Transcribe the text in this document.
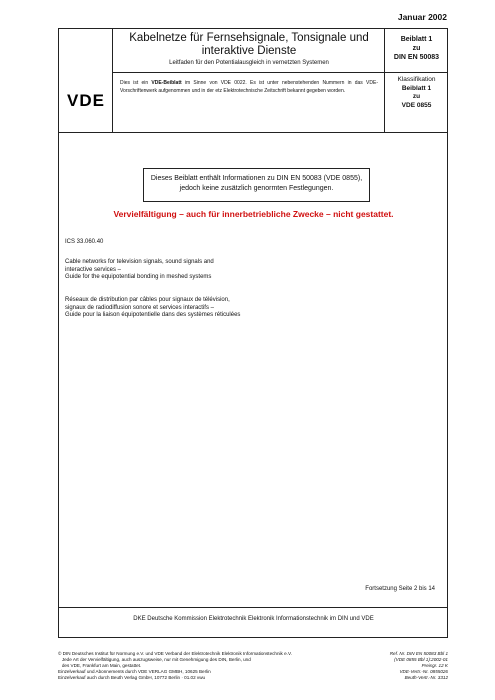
Januar 2002
VDE
Kabelnetze für Fernsehsignale, Tonsignale und
interaktive Dienste
Leitfaden für den Potentialausgleich in vernetzten Systemen
Dies ist ein VDE-Beiblatt im Sinne von VDE 0022. Es ist unter nebenstehenden Nummern in das VDE-Vorschriftenwerk aufgenommen und in der etz Elektrotechnische Zeitschrift bekannt gegeben worden.
Beiblatt 1
zu
DIN EN 50083
Klassifikation
Beiblatt 1
zu
VDE 0855
Dieses Beiblatt enthält Informationen zu DIN EN 50083 (VDE 0855),
jedoch keine zusätzlich genormten Festlegungen.
Vervielfältigung – auch für innerbetriebliche Zwecke – nicht gestattet.
ICS 33.060.40
Cable networks for television signals, sound signals and
interactive services –
Guide for the equipotential bonding in meshed systems
Réseaux de distribution par câbles pour signaux de télévision,
signaux de radiodiffusion sonore et services interactifs –
Guide pour la liaison équipotentielle dans des systèmes réticulées
Fortsetzung Seite 2 bis 14
DKE Deutsche Kommission Elektrotechnik Elektronik Informationstechnik im DIN und VDE
© DIN Deutsches Institut für Normung e.V. und VDE Verband der Elektrotechnik Elektronik Informationstechnik e.V.
Jede Art der Vervielfältigung, auch auszugsweise, nur mit Genehmigung des DIN, Berlin, und
des VDE, Frankfurt am Main, gestattet.
Einzelverkauf und Abonnements durch VDE VERLAG GMBH, 10625 Berlin
Einzelverkauf auch durch Beuth Verlag GmbH, 10772 Berlin · 01.02 vwu
Ref. Nr. DIN EN 50083 Bbl 1
(VDE 0855 Bbl 1):2002-01
Preisgr. 12 K
VDE-Vertr.-Nr. 0855026
Beuth-Vertr.-Nr. 3312
